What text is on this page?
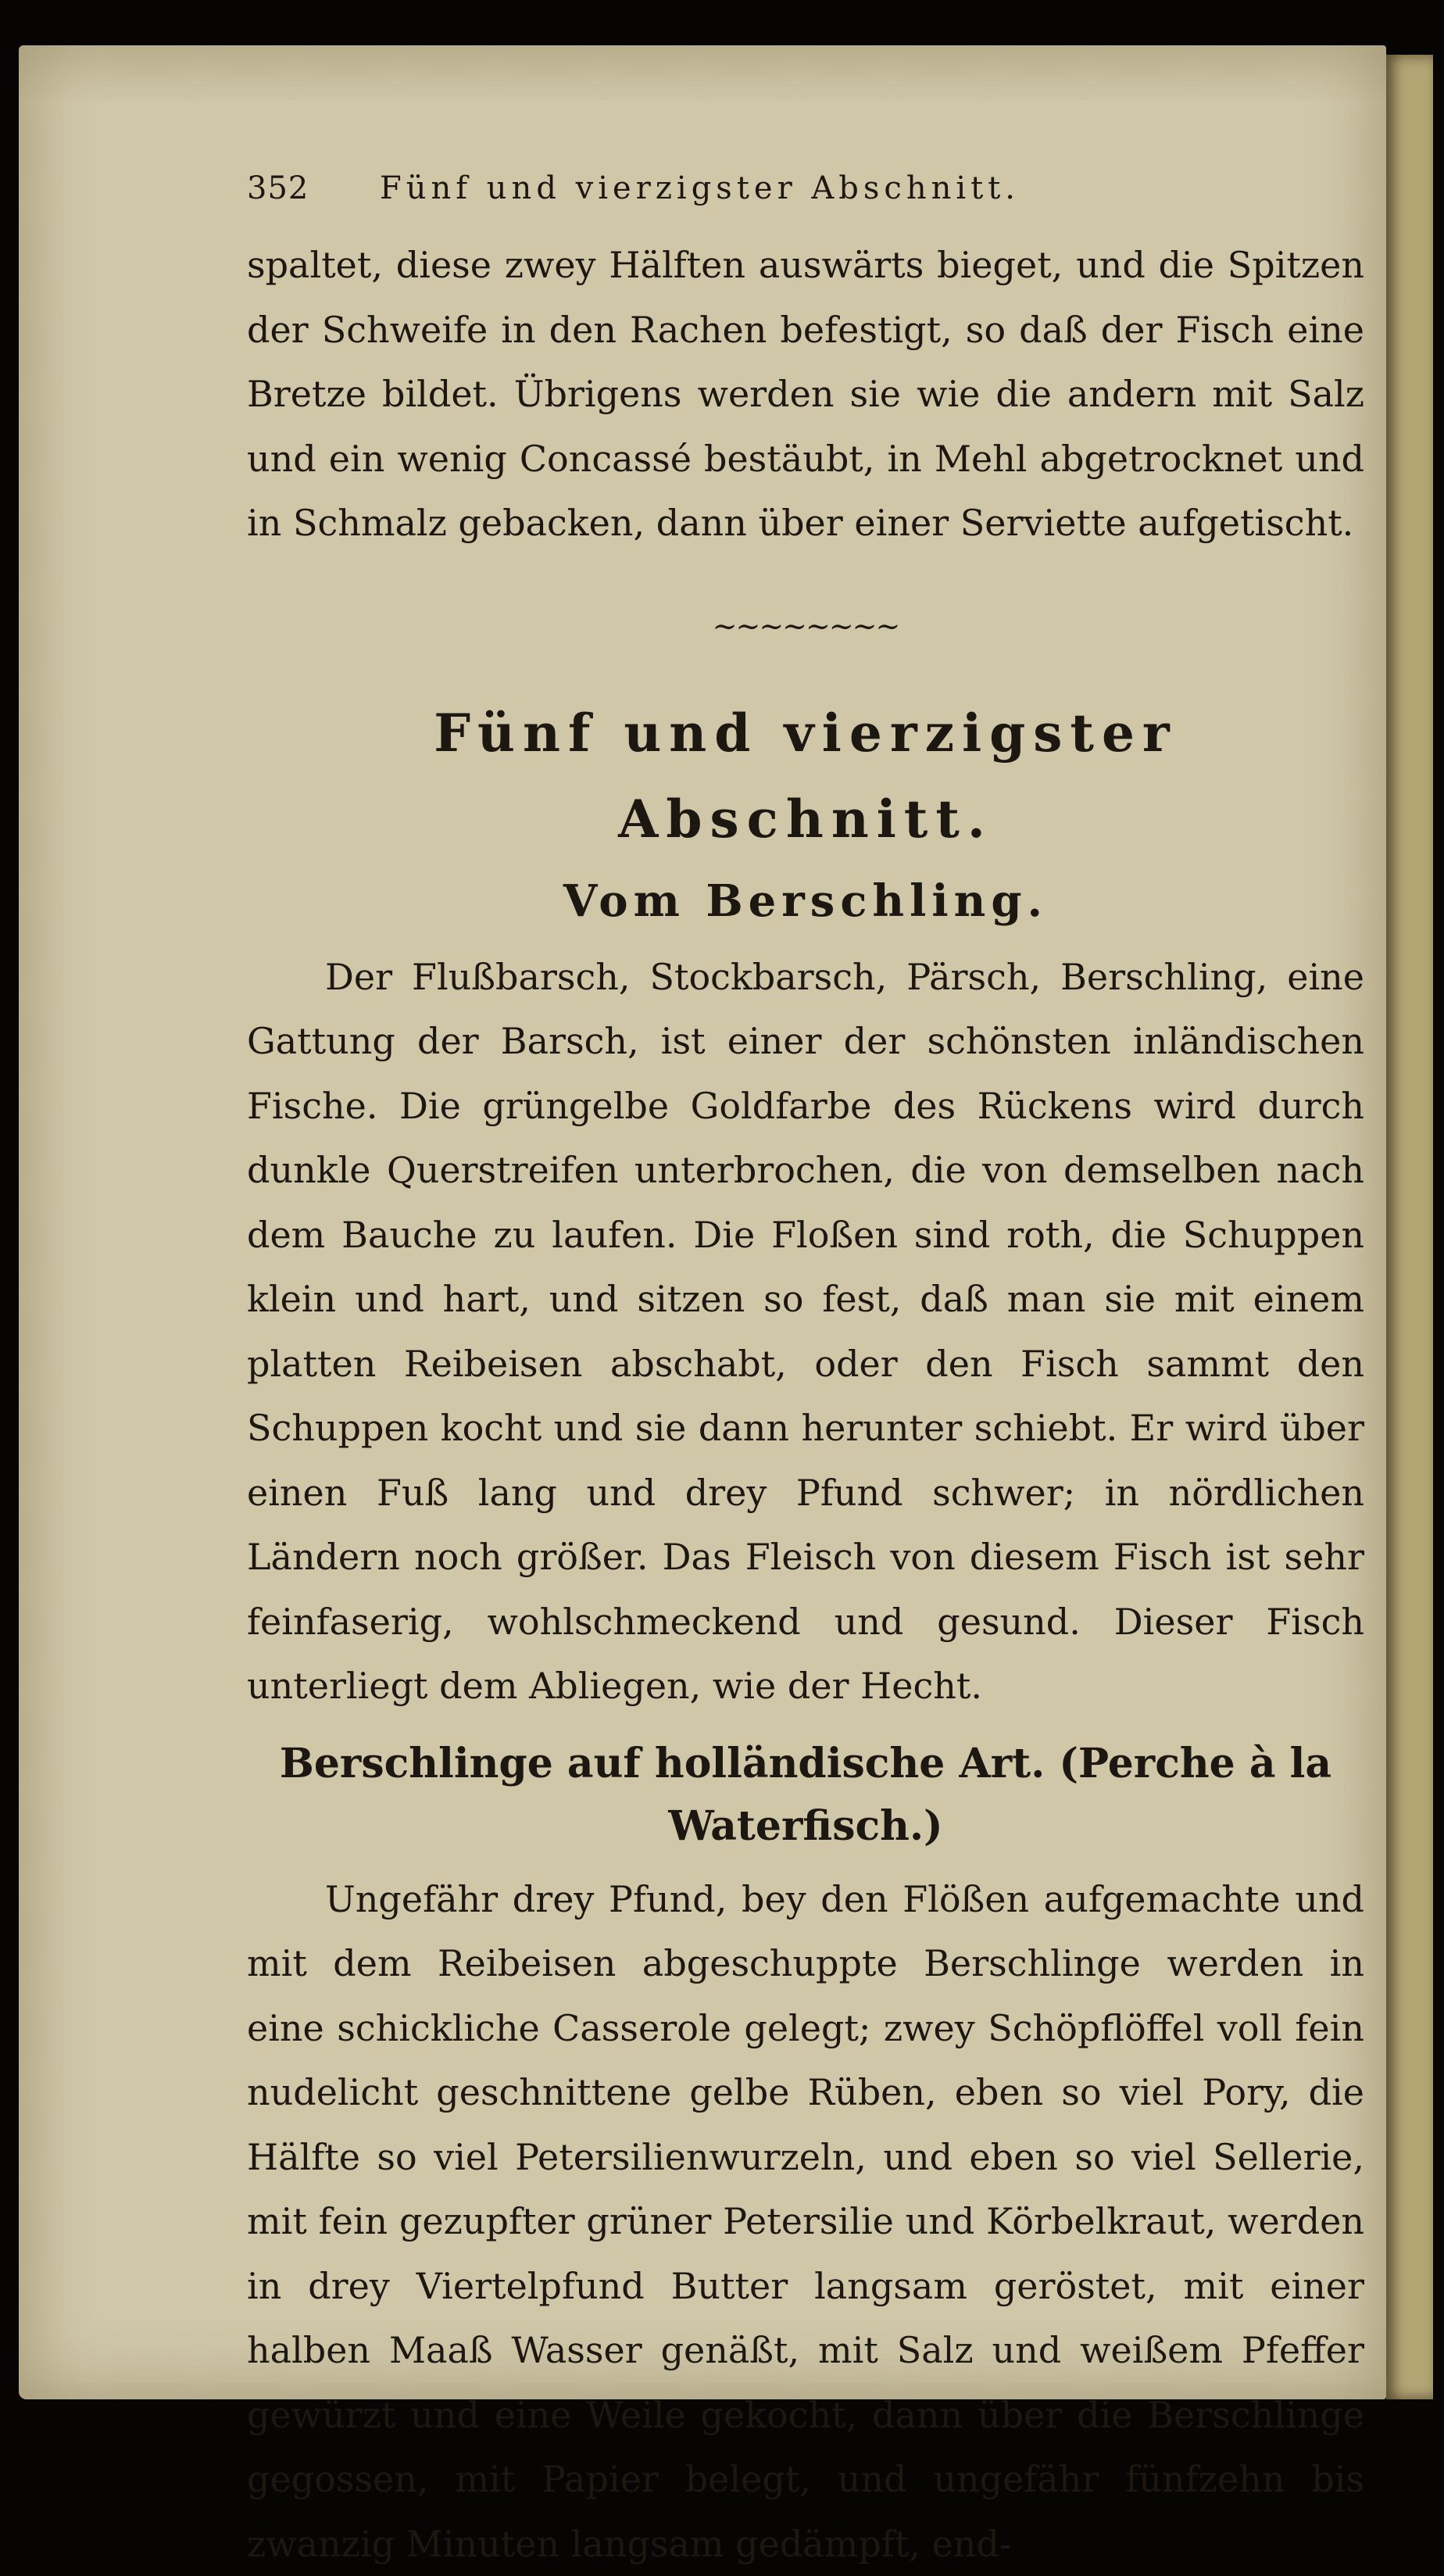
352	Fünf und vierzigster Abschnitt.

spaltet, diese zwey Hälften auswärts bieget, und die Spitzen der Schweife in den Rachen befestigt, so daß der Fisch eine Bretze bildet. Übrigens werden sie wie die andern mit Salz und ein wenig Concassé bestäubt, in Mehl abgetrocknet und in Schmalz gebacken, dann über einer Serviette aufgetischt.

~~~~~~~~
Fünf und vierzigster Abschnitt.
Vom Berschling.

Der Flußbarsch, Stockbarsch, Pärsch, Berschling, eine Gattung der Barsch, ist einer der schönsten inländischen Fische. Die grüngelbe Goldfarbe des Rückens wird durch dunkle Querstreifen unterbrochen, die von demselben nach dem Bauche zu laufen. Die Floßen sind roth, die Schuppen klein und hart, und sitzen so fest, daß man sie mit einem platten Reibeisen abschabt, oder den Fisch sammt den Schuppen kocht und sie dann herunter schiebt. Er wird über einen Fuß lang und drey Pfund schwer; in nördlichen Ländern noch größer. Das Fleisch von diesem Fisch ist sehr feinfaserig, wohlschmeckend und gesund. Dieser Fisch unterliegt dem Abliegen, wie der Hecht.

Berschlinge auf holländische Art. (Perche à la Waterfisch.)

Ungefähr drey Pfund, bey den Flößen aufgemachte und mit dem Reibeisen abgeschuppte Berschlinge werden in eine schickliche Casserole gelegt; zwey Schöpflöffel voll fein nudelicht geschnittene gelbe Rüben, eben so viel Pory, die Hälfte so viel Petersilienwurzeln, und eben so viel Sellerie, mit fein gezupfter grüner Petersilie und Körbelkraut, werden in drey Viertelpfund Butter langsam geröstet, mit einer halben Maaß Wasser genäßt, mit Salz und weißem Pfeffer gewürzt und eine Weile gekocht, dann über die Berschlinge gegossen, mit Papier belegt, und ungefähr fünfzehn bis zwanzig Minuten langsam gedämpft, end-
